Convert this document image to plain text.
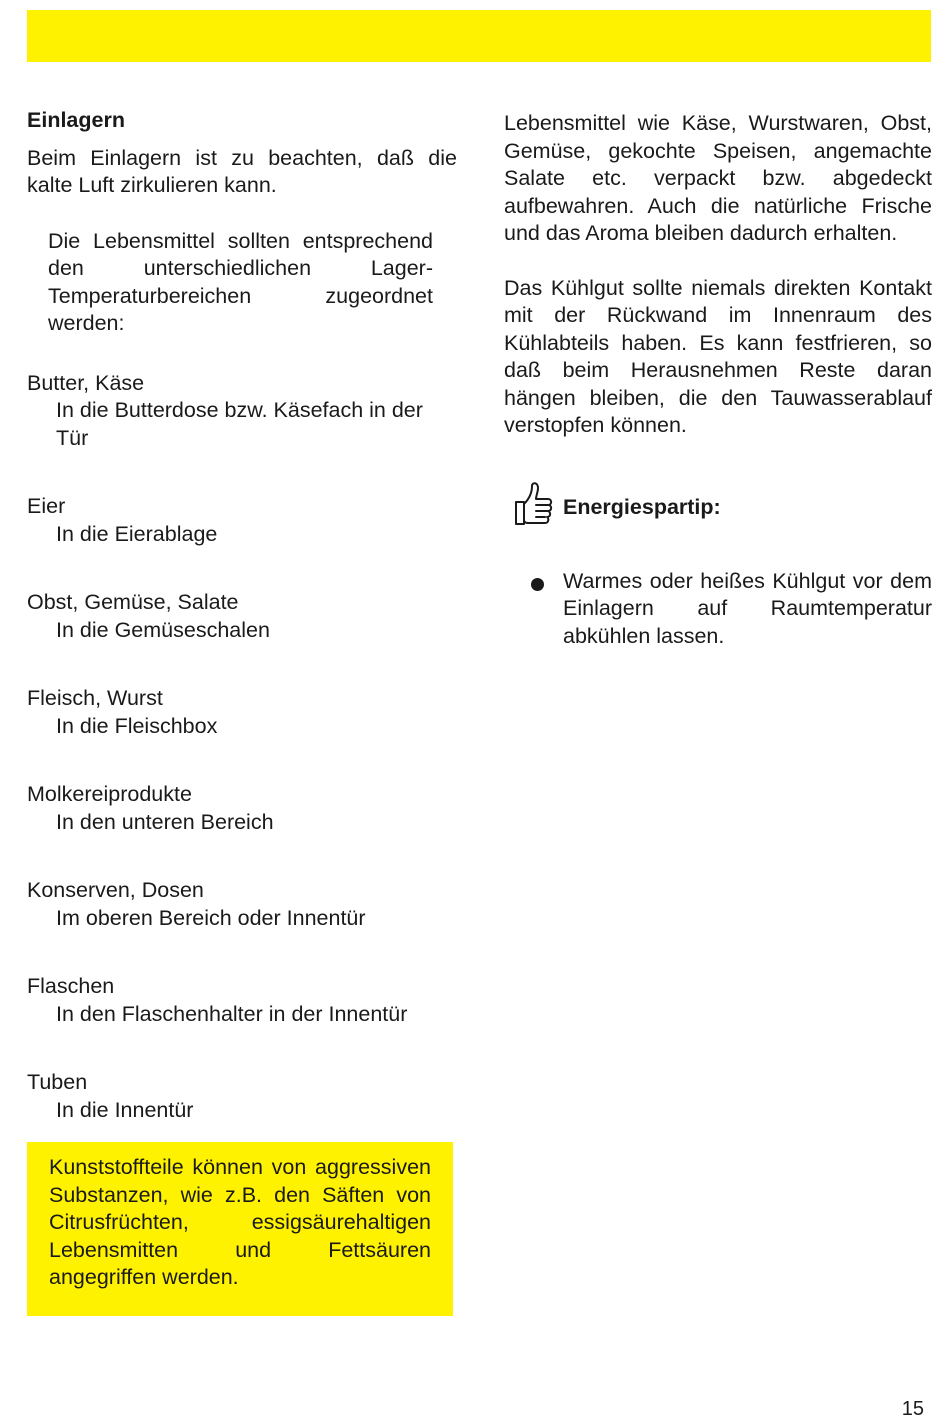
Einlagern

Beim Einlagern ist zu beachten, daß die kalte Luft zirkulieren kann.

Die Lebensmittel sollten entsprechend den unterschiedlichen Lager-Temperaturbereichen zugeordnet werden:

Butter, Käse
In die Butterdose bzw. Käsefach in der Tür
Eier
In die Eierablage
Obst, Gemüse, Salate
In die Gemüseschalen
Fleisch, Wurst
In die Fleischbox
Molkereiprodukte
In den unteren Bereich
Konserven, Dosen
Im oberen Bereich oder Innentür
Flaschen
In den Flaschenhalter in der Innentür
Tuben
In die Innentür

Kunststoffteile können von aggressiven Substanzen, wie z.B. den Säften von Citrusfrüchten, essigsäurehaltigen Lebensmitten und Fettsäuren angegriffen werden.

Lebensmittel wie Käse, Wurstwaren, Obst, Gemüse, gekochte Speisen, angemachte Salate etc. verpackt bzw. abgedeckt aufbewahren. Auch die natürliche Frische und das Aroma bleiben dadurch erhalten.

Das Kühlgut sollte niemals direkten Kontakt mit der Rückwand im Innenraum des Kühlabteils haben. Es kann festfrieren, so daß beim Herausnehmen Reste daran hängen bleiben, die den Tauwasserablauf verstopfen können.

Energiespartip:

Warmes oder heißes Kühlgut vor dem Einlagern auf Raumtemperatur abkühlen lassen.

15
